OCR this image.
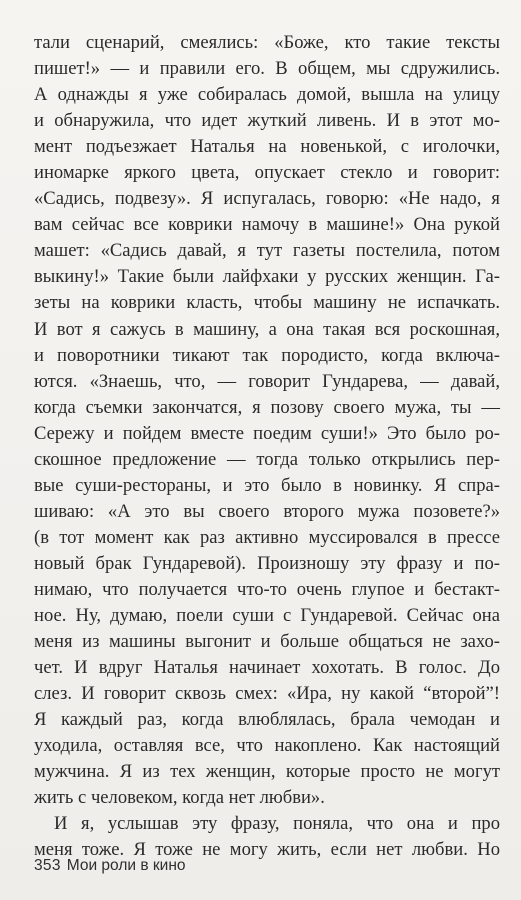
тали сценарий, смеялись: «Боже, кто такие тексты
пишет!» — и правили его. В общем, мы сдружились.
А однажды я уже собиралась домой, вышла на улицу
и обнаружила, что идет жуткий ливень. И в этот мо-
мент подъезжает Наталья на новенькой, с иголочки,
иномарке яркого цвета, опускает стекло и говорит:
«Садись, подвезу». Я испугалась, говорю: «Не надо, я
вам сейчас все коврики намочу в машине!» Она рукой
машет: «Садись давай, я тут газеты постелила, потом
выкину!» Такие были лайфхаки у русских женщин. Га-
зеты на коврики класть, чтобы машину не испачкать.
И вот я сажусь в машину, а она такая вся роскошная,
и поворотники тикают так породисто, когда включа-
ются. «Знаешь, что, — говорит Гундарева, — давай,
когда съемки закончатся, я позову своего мужа, ты —
Сережу и пойдем вместе поедим суши!» Это было ро-
скошное предложение — тогда только открылись пер-
вые суши-рестораны, и это было в новинку. Я спра-
шиваю: «А это вы своего второго мужа позовете?»
(в тот момент как раз активно муссировался в прессе
новый брак Гундаревой). Произношу эту фразу и по-
нимаю, что получается что-то очень глупое и бестакт-
ное. Ну, думаю, поели суши с Гундаревой. Сейчас она
меня из машины выгонит и больше общаться не захо-
чет. И вдруг Наталья начинает хохотать. В голос. До
слез. И говорит сквозь смех: «Ира, ну какой “второй”!
Я каждый раз, когда влюблялась, брала чемодан и
уходила, оставляя все, что накоплено. Как настоящий
мужчина. Я из тех женщин, которые просто не могут
жить с человеком, когда нет любви».
И я, услышав эту фразу, поняла, что она и про
меня тоже. Я тоже не могу жить, если нет любви. Но
353 Мои роли в кино
